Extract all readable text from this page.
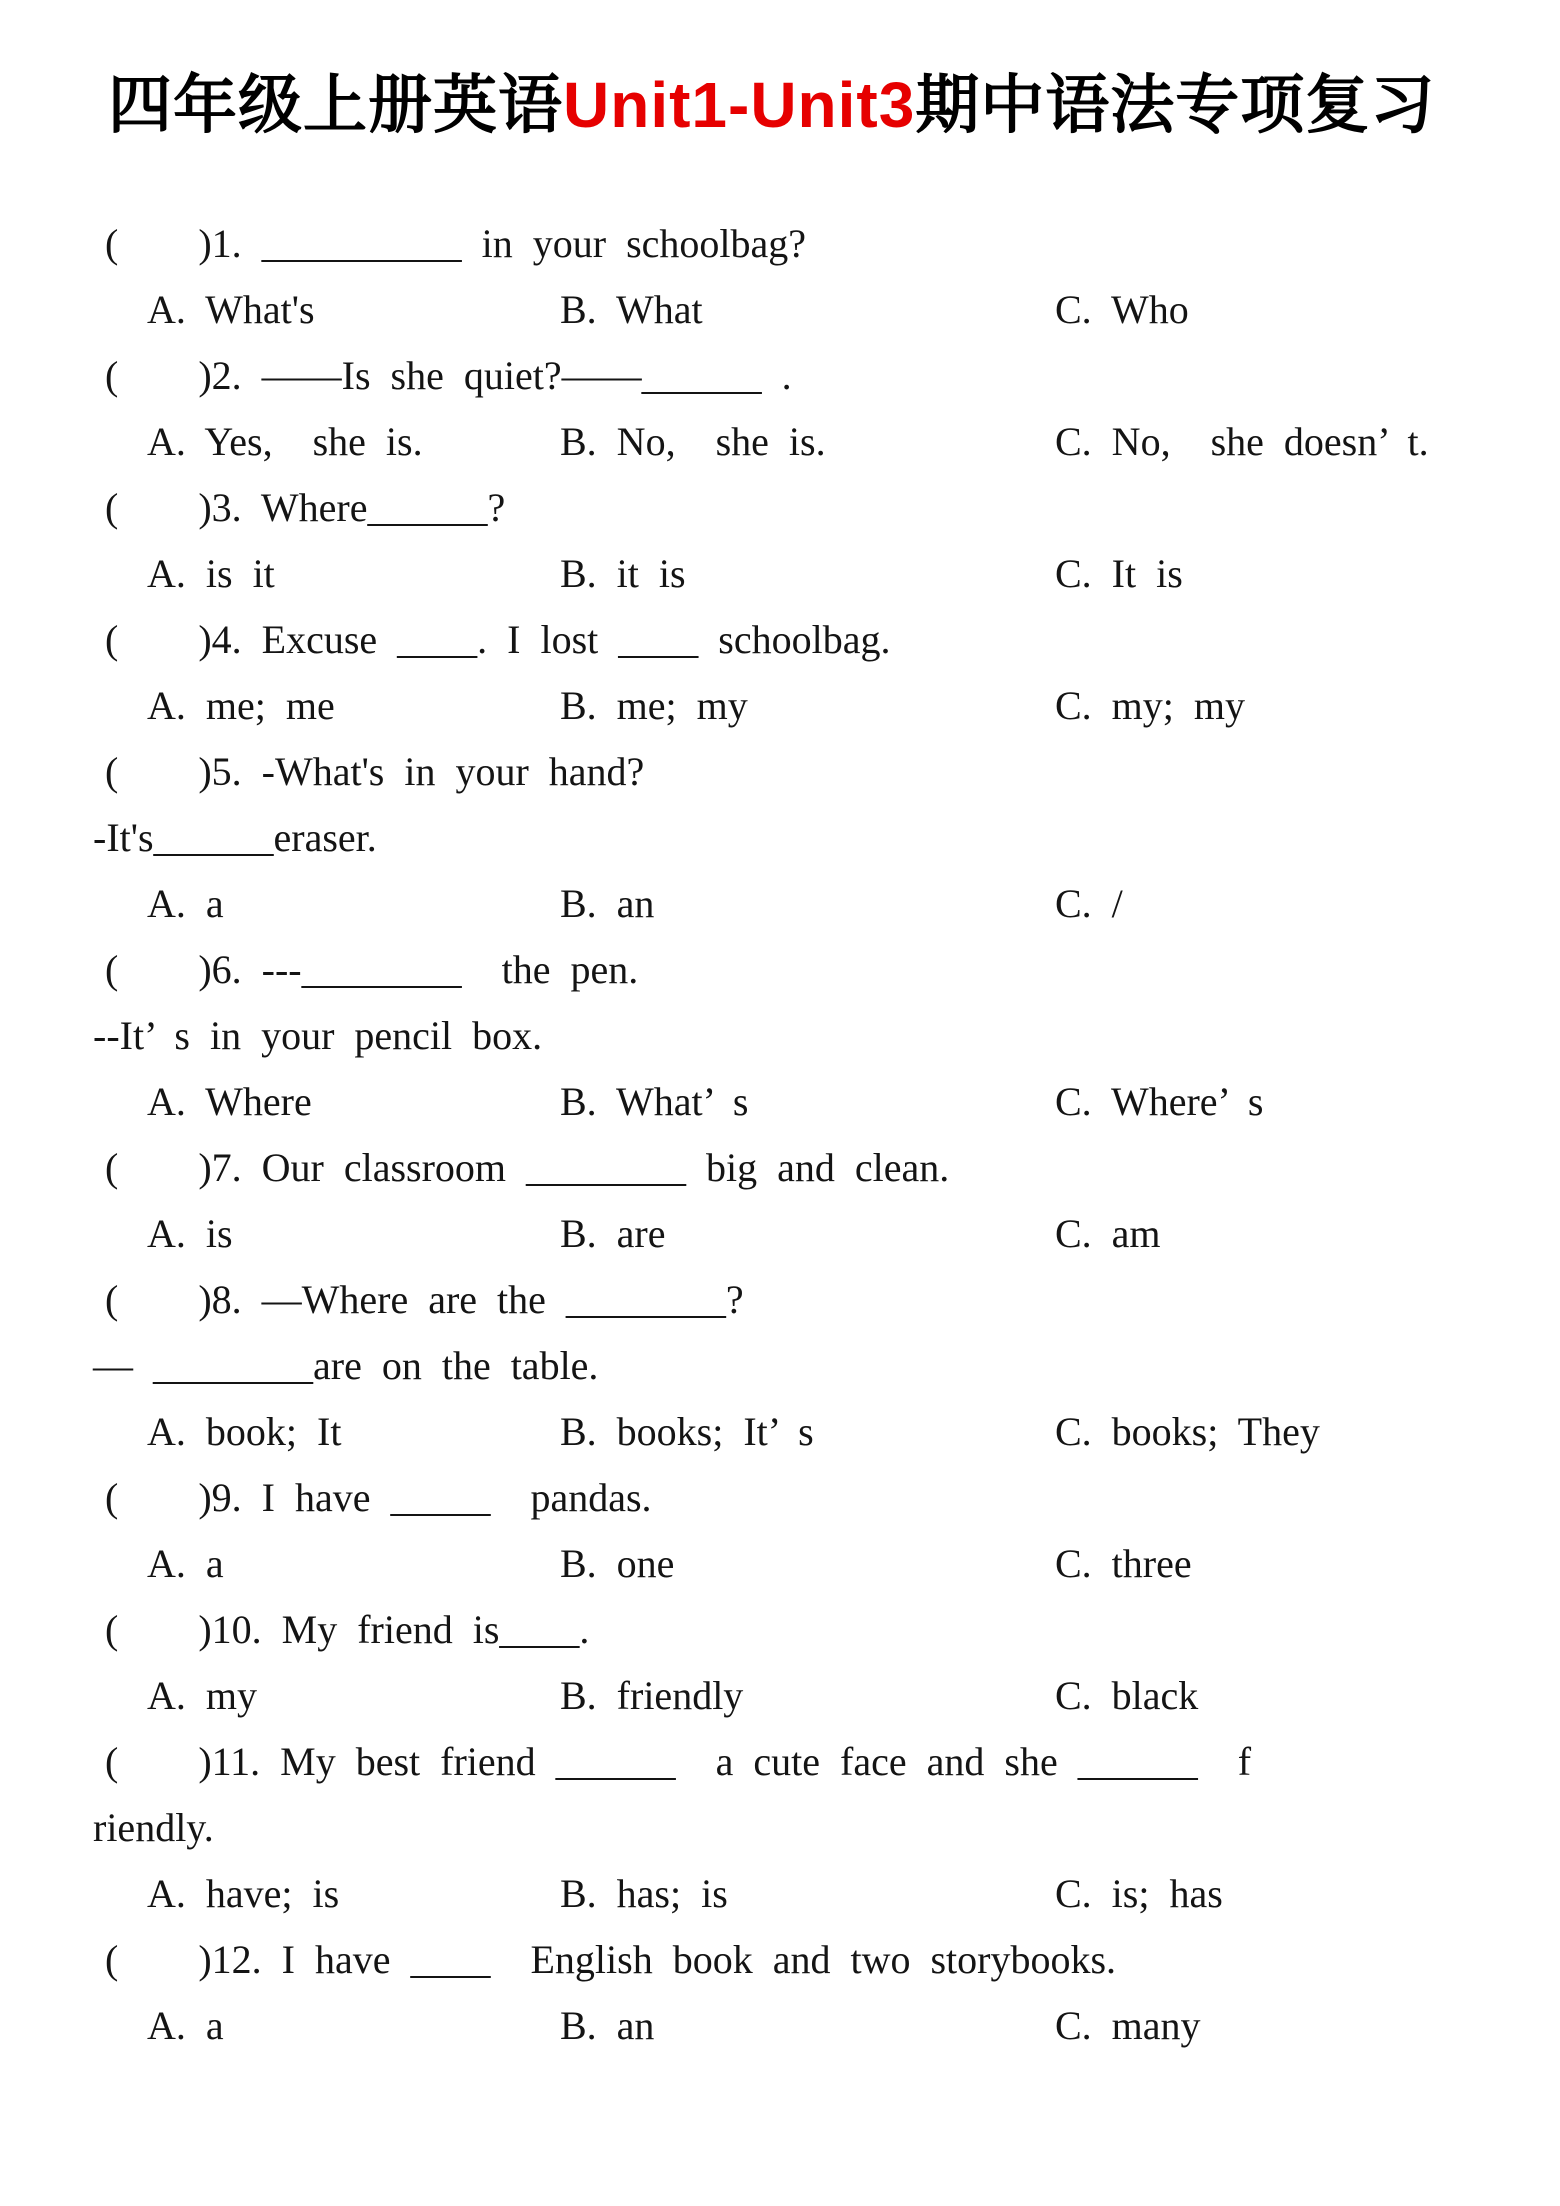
四年级上册英语Unit1-Unit3期中语法专项复习
(    )1. __________ in your schoolbag?
A. What's	B. What	C. Who
(    )2. ——Is she quiet?——______ .
A. Yes,  she is.	B. No,  she is.	C. No,  she doesn’ t.
(    )3. Where______?
A. is it	B. it is	C. It is
(    )4. Excuse ____. I lost ____ schoolbag.
A. me; me	B. me; my	C. my; my
(    )5. -What's in your hand?
-It's______eraser.
A. a	B. an	C. /
(    )6. ---________  the pen.
--It’ s in your pencil box.
A. Where	B. What’ s	C. Where’ s
(    )7. Our classroom ________ big and clean.
A. is	B. are	C. am
(    )8. —Where are the ________?
— ________are on the table.
A. book; It	B. books; It’ s	C. books; They
(    )9. I have _____  pandas.
A. a	B. one	C. three
(    )10. My friend is____.
A. my	B. friendly	C. black
(    )11. My best friend ______  a cute face and she ______  f
riendly.
A. have; is	B. has; is	C. is; has
(    )12. I have ____  English book and two storybooks.
A. a	B. an	C. many
